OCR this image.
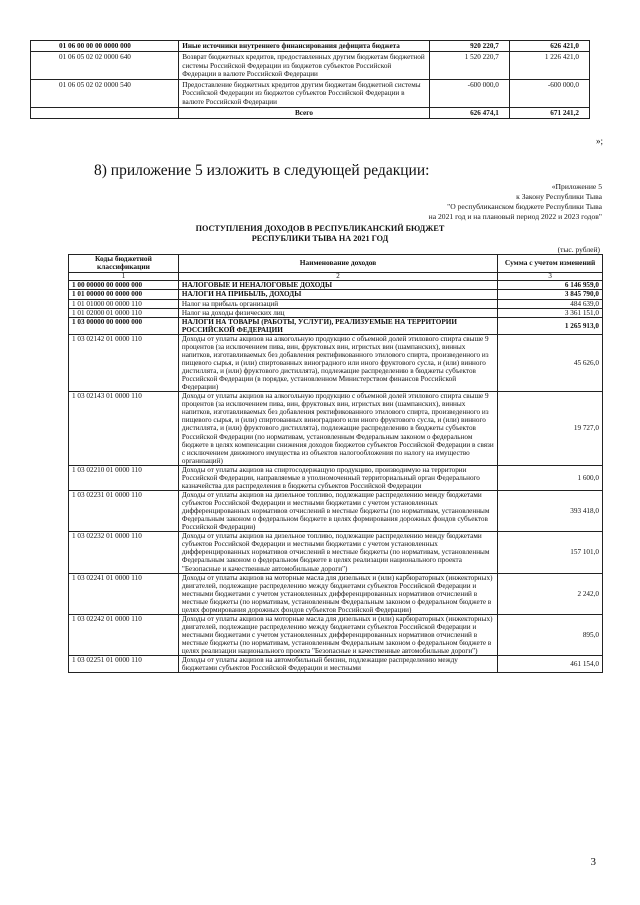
01 06 00 00 00 0000 000	Иные источники внутреннего финансирования дефицита бюджета	920 220,7	626 421,0
01 06 05 02 02 0000 640	Возврат бюджетных кредитов, предоставленных другим бюджетам бюджетной системы Российской Федерации из бюджетов субъектов Российской Федерации в валюте Российской Федерации	1 520 220,7	1 226 421,0
01 06 05 02 02 0000 540	Предоставление бюджетных кредитов другим бюджетам бюджетной системы Российской Федерации из бюджетов субъектов Российской Федерации в валюте Российской Федерации	-600 000,0	-600 000,0
	Всего	626 474,1	671 241,2
»;
8) приложение 5 изложить в следующей редакции:
«Приложение 5
к Закону Республики Тыва
"О республиканском бюджете Республики Тыва
на 2021 год и на плановый период 2022 и 2023 годов"
ПОСТУПЛЕНИЯ ДОХОДОВ В РЕСПУБЛИКАНСКИЙ БЮДЖЕТ
РЕСПУБЛИКИ ТЫВА НА 2021 ГОД
(тыс. рублей)
Коды бюджетной классификации	Наименование доходов	Сумма с учетом изменений
1	2	3
1 00 00000 00 0000 000	НАЛОГОВЫЕ И НЕНАЛОГОВЫЕ ДОХОДЫ	6 146 959,0
1 01 00000 00 0000 000	НАЛОГИ НА ПРИБЫЛЬ, ДОХОДЫ	3 845 790,0
1 01 01000 00 0000 110	Налог на прибыль организаций	484 639,0
1 01 02000 01 0000 110	Налог на доходы физических лиц	3 361 151,0
1 03 00000 00 0000 000	НАЛОГИ НА ТОВАРЫ (РАБОТЫ, УСЛУГИ), РЕАЛИЗУЕМЫЕ НА ТЕРРИТОРИИ РОССИЙСКОЙ ФЕДЕРАЦИИ	1 265 913,0
1 03 02142 01 0000 110	Доходы от уплаты акцизов на алкогольную продукцию с объемной долей этилового спирта свыше 9 процентов (за исключением пива, вин, фруктовых вин, игристых вин (шампанских), винных напитков, изготавливаемых без добавления ректификованного этилового спирта, произведенного из пищевого сырья, и (или) спиртованных виноградного или иного фруктового сусла, и (или) винного дистиллята, и (или) фруктового дистиллята), подлежащие распределению в бюджеты субъектов Российской Федерации (в порядке, установленном Министерством финансов Российской Федерации)	45 626,0
1 03 02143 01 0000 110	Доходы от уплаты акцизов на алкогольную продукцию с объемной долей этилового спирта свыше 9 процентов (за исключением пива, вин, фруктовых вин, игристых вин (шампанских), винных напитков, изготавливаемых без добавления ректификованного этилового спирта, произведенного из пищевого сырья, и (или) спиртованных виноградного или иного фруктового сусла, и (или) винного дистиллята, и (или) фруктового дистиллята), подлежащие распределению в бюджеты субъектов Российской Федерации (по нормативам, установленным Федеральным законом о федеральном бюджете в целях компенсации снижения доходов бюджетов субъектов Российской Федерации в связи с исключением движимого имущества из объектов налогообложения по налогу на имущество организаций)	19 727,0
1 03 02210 01 0000 110	Доходы от уплаты акцизов на спиртосодержащую продукцию, производимую на территории Российской Федерации, направляемые в уполномоченный территориальный орган Федерального казначейства для распределения в бюджеты субъектов Российской Федерации	1 600,0
1 03 02231 01 0000 110	Доходы от уплаты акцизов на дизельное топливо, подлежащие распределению между бюджетами субъектов Российской Федерации и местными бюджетами с учетом установленных дифференцированных нормативов отчислений в местные бюджеты (по нормативам, установленным Федеральным законом о федеральном бюджете в целях формирования дорожных фондов субъектов Российской Федерации)	393 418,0
1 03 02232 01 0000 110	Доходы от уплаты акцизов на дизельное топливо, подлежащие распределению между бюджетами субъектов Российской Федерации и местными бюджетами с учетом установленных дифференцированных нормативов отчислений в местные бюджеты (по нормативам, установленным Федеральным законом о федеральном бюджете в целях реализации национального проекта "Безопасные и качественные автомобильные дороги")	157 101,0
1 03 02241 01 0000 110	Доходы от уплаты акцизов на моторные масла для дизельных и (или) карбюраторных (инжекторных) двигателей, подлежащие распределению между бюджетами субъектов Российской Федерации и местными бюджетами с учетом установленных дифференцированных нормативов отчислений в местные бюджеты (по нормативам, установленным Федеральным законом о федеральном бюджете в целях формирования дорожных фондов субъектов Российской Федерации)	2 242,0
1 03 02242 01 0000 110	Доходы от уплаты акцизов на моторные масла для дизельных и (или) карбюраторных (инжекторных) двигателей, подлежащие распределению между бюджетами субъектов Российской Федерации и местными бюджетами с учетом установленных дифференцированных нормативов отчислений в местные бюджеты (по нормативам, установленным Федеральным законом о федеральном бюджете в целях реализации национального проекта "Безопасные и качественные автомобильные дороги")	895,0
1 03 02251 01 0000 110	Доходы от уплаты акцизов на автомобильный бензин, подлежащие распределению между бюджетами субъектов Российской Федерации и местными	461 154,0
3
